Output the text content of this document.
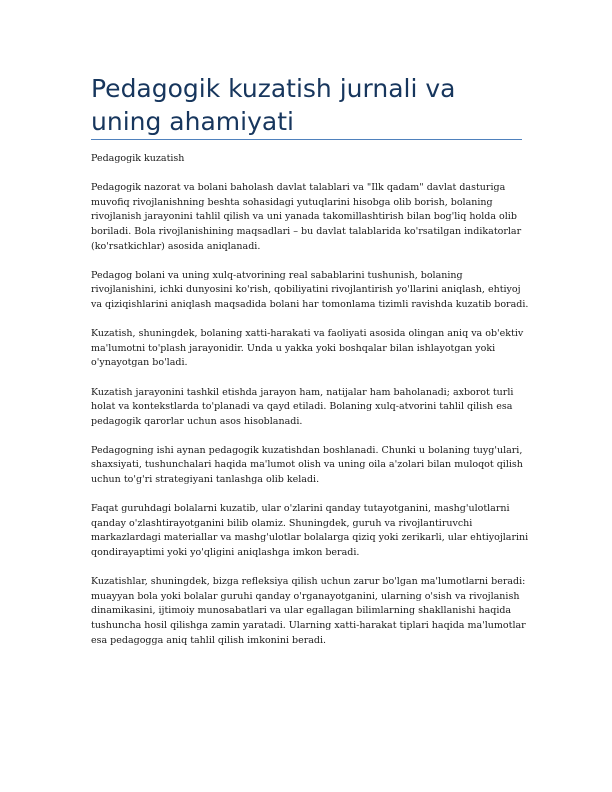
Pedagogik kuzatish jurnali va uning ahamiyati

Pedagogik kuzatish

Pedagogik nazorat va bolani baholash davlat talablari va "Ilk qadam" davlat dasturiga muvofiq rivojlanishning beshta sohasidagi yutuqlarini hisobga olib borish, bolaning rivojlanish jarayonini tahlil qilish va uni yanada takomillashtirish bilan bog'liq holda olib boriladi. Bola rivojlanishining maqsadlari – bu davlat talablarida ko'rsatilgan indikatorlar (ko'rsatkichlar) asosida aniqlanadi.

Pedagog bolani va uning xulq-atvorining real sabablarini tushunish, bolaning rivojlanishini, ichki dunyosini ko'rish, qobiliyatini rivojlantirish yo'llarini aniqlash, ehtiyoj va qiziqishlarini aniqlash maqsadida bolani har tomonlama tizimli ravishda kuzatib boradi.

Kuzatish, shuningdek, bolaning xatti-harakati va faoliyati asosida olingan aniq va ob'ektiv ma'lumotni to'plash jarayonidir. Unda u yakka yoki boshqalar bilan ishlayotgan yoki o'ynayotgan bo'ladi.

Kuzatish jarayonini tashkil etishda jarayon ham, natijalar ham baholanadi; axborot turli holat va kontekstlarda to'planadi va qayd etiladi. Bolaning xulq-atvorini tahlil qilish esa pedagogik qarorlar uchun asos hisoblanadi.

Pedagogning ishi aynan pedagogik kuzatishdan boshlanadi. Chunki u bolaning tuyg'ulari, shaxsiyati, tushunchalari haqida ma'lumot olish va uning oila a'zolari bilan muloqot qilish uchun to'g'ri strategiyani tanlashga olib keladi.

Faqat guruhdagi bolalarni kuzatib, ular o'zlarini qanday tutayotganini, mashg'ulotlarni qanday o'zlashtirayotganini bilib olamiz. Shuningdek, guruh va rivojlantiruvchi markazlardagi materiallar va mashg'ulotlar bolalarga qiziq yoki zerikarli, ular ehtiyojlarini qondirayaptimi yoki yo'qligini aniqlashga imkon beradi.

Kuzatishlar, shuningdek, bizga refleksiya qilish uchun zarur bo'lgan ma'lumotlarni beradi: muayyan bola yoki bolalar guruhi qanday o'rganayotganini, ularning o'sish va rivojlanish dinamikasini, ijtimoiy munosabatlari va ular egallagan bilimlarning shakllanishi haqida tushuncha hosil qilishga zamin yaratadi. Ularning xatti-harakat tiplari haqida ma'lumotlar esa pedagogga aniq tahlil qilish imkonini beradi.
